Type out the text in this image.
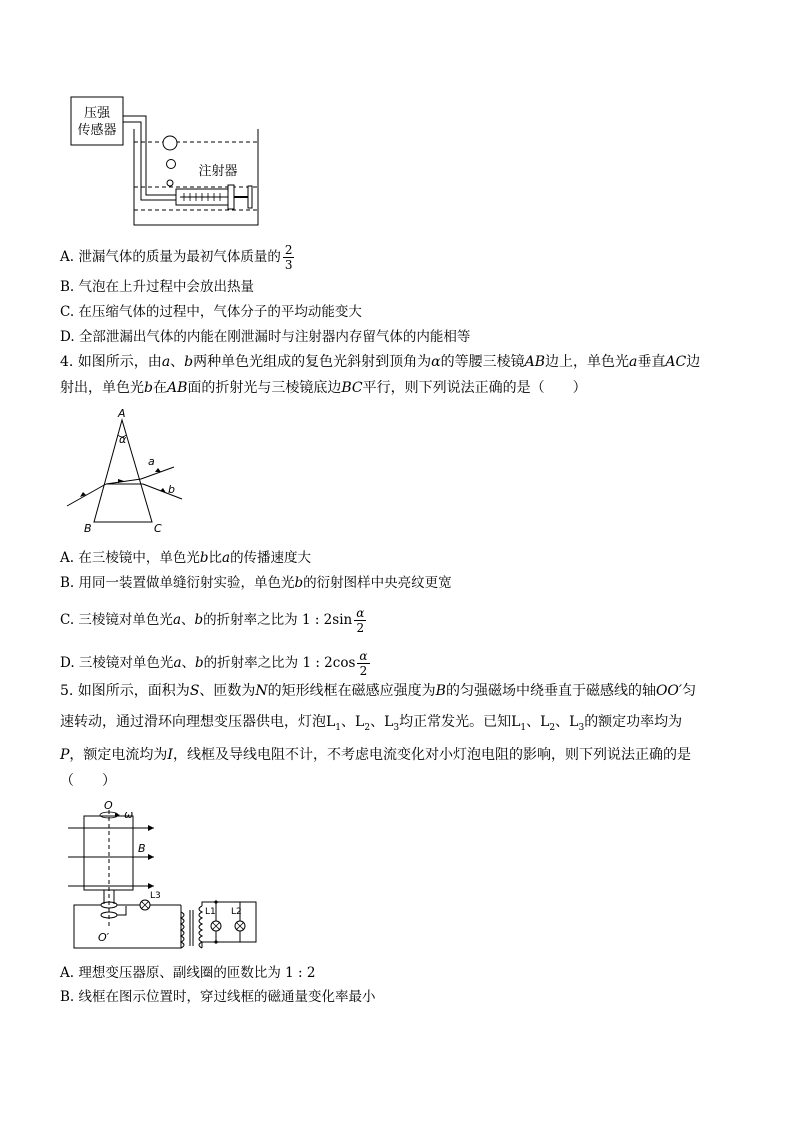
压强
传感器
注射器
A. 泄漏气体的质量为最初气体质量的 $\frac{2}{3}$
B. 气泡在上升过程中会放出热量
C. 在压缩气体的过程中，气体分子的平均动能变大
D. 全部泄漏出气体的内能在刚泄漏时与注射器内存留气体的内能相等
4. 如图所示，由a、b两种单色光组成的复色光斜射到顶角为α的等腰三棱镜AB边上，单色光a垂直AC边
射出，单色光b在AB面的折射光与三棱镜底边BC平行，则下列说法正确的是（　　）
A
B	C
α
a
b
A. 在三棱镜中，单色光b比a的传播速度大
B. 用同一装置做单缝衍射实验，单色光b的衍射图样中央亮纹更宽
C. 三棱镜对单色光a、b的折射率之比为 1 : $2\sin \frac{\alpha}{2}$
D. 三棱镜对单色光a、b的折射率之比为 1 : $2\cos \frac{\alpha}{2}$
5. 如图所示，面积为S、匝数为N的矩形线框在磁感应强度为B的匀强磁场中绕垂直于磁感线的轴OO′匀
速转动，通过滑环向理想变压器供电，灯泡$L_1$、$L_2$、$L_3$均正常发光。已知$L_1$、$L_2$、$L_3$的额定功率均为
P，额定电流均为I，线框及导线电阻不计，不考虑电流变化对小灯泡电阻的影响，则下列说法正确的是
（　　）
O
ω
B
O′
L3
L1 L2
A. 理想变压器原、副线圈的匝数比为 1 : 2
B. 线框在图示位置时，穿过线框的磁通量变化率最小
